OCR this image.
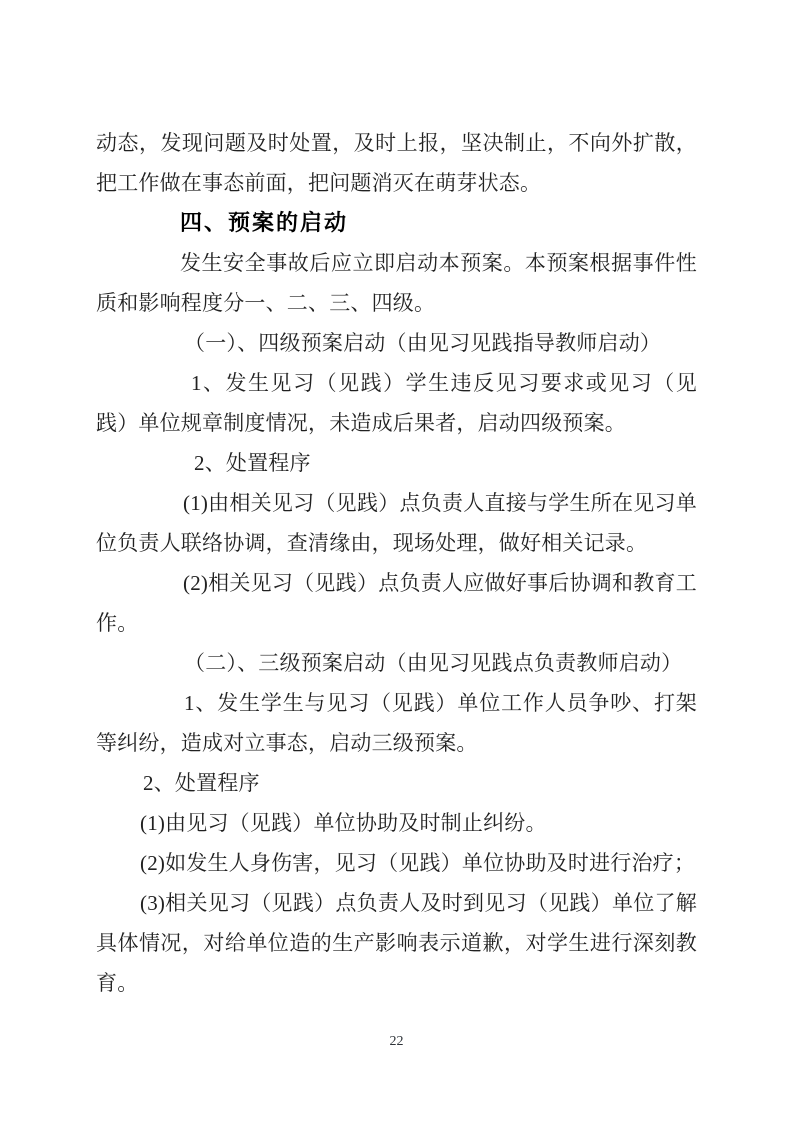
动态，发现问题及时处置，及时上报，坚决制止，不向外扩散，把工作做在事态前面，把问题消灭在萌芽状态。

四、预案的启动

发生安全事故后应立即启动本预案。本预案根据事件性质和影响程度分一、二、三、四级。

（一）、四级预案启动（由见习见践指导教师启动）

1、发生见习（见践）学生违反见习要求或见习（见践）单位规章制度情况，未造成后果者，启动四级预案。

2、处置程序

(1)由相关见习（见践）点负责人直接与学生所在见习单位负责人联络协调，查清缘由，现场处理，做好相关记录。

(2)相关见习（见践）点负责人应做好事后协调和教育工作。

（二）、三级预案启动（由见习见践点负责教师启动）

1、发生学生与见习（见践）单位工作人员争吵、打架等纠纷，造成对立事态，启动三级预案。

2、处置程序

(1)由见习（见践）单位协助及时制止纠纷。

(2)如发生人身伤害，见习（见践）单位协助及时进行治疗；

(3)相关见习（见践）点负责人及时到见习（见践）单位了解具体情况，对给单位造的生产影响表示道歉，对学生进行深刻教育。

22
